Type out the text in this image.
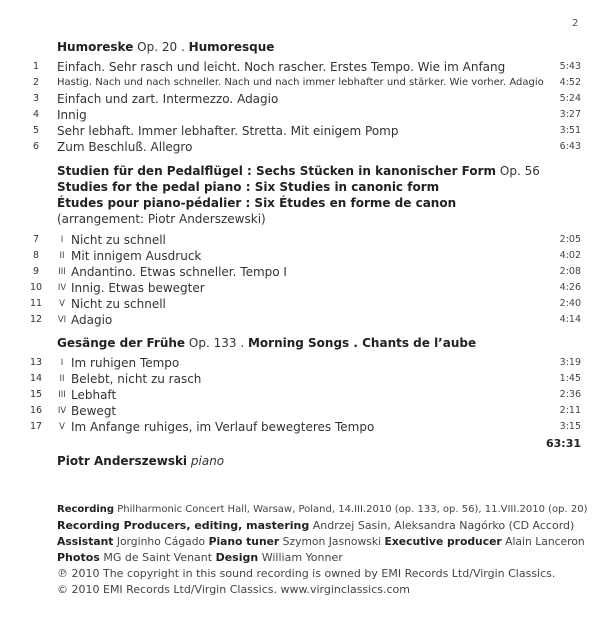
2
Humoreske Op. 20 . Humoresque
1 Einfach. Sehr rasch und leicht. Noch rascher. Erstes Tempo. Wie im Anfang	5:43
2 Hastig. Nach und nach schneller. Nach und nach immer lebhafter und stärker. Wie vorher. Adagio 4:52
3 Einfach und zart. Intermezzo. Adagio	5:24
4 Innig	3:27
5 Sehr lebhaft. Immer lebhafter. Stretta. Mit einigem Pomp	3:51
6 Zum Beschluß. Allegro	6:43
Studien für den Pedalflügel : Sechs Stücken in kanonischer Form Op. 56
Studies for the pedal piano : Six Studies in canonic form
Études pour piano-pédalier : Six Études en forme de canon
(arrangement: Piotr Anderszewski)
7	I Nicht zu schnell	2:05
8	II Mit innigem Ausdruck	4:02
9	III Andantino. Etwas schneller. Tempo I	2:08
10 IV Innig. Etwas bewegter	4:26
11	V Nicht zu schnell	2:40
12 VI Adagio	4:14
Gesänge der Frühe Op. 133 . Morning Songs . Chants de l’aube
13	I Im ruhigen Tempo	3:19
14	II Belebt, nicht zu rasch	1:45
15 III Lebhaft	2:36
16 IV Bewegt	2:11
17	V Im Anfange ruhiges, im Verlauf bewegteres Tempo	3:15
63:31
Piotr Anderszewski piano
Recording Philharmonic Concert Hall, Warsaw, Poland, 14.III.2010 (op. 133, op. 56), 11.VIII.2010 (op. 20)
Recording Producers, editing, mastering Andrzej Sasin, Aleksandra Nagórko (CD Accord)
Assistant Jorginho Cágado Piano tuner Szymon Jasnowski Executive producer Alain Lanceron
Photos MG de Saint Venant Design William Yonner
℗ 2010 The copyright in this sound recording is owned by EMI Records Ltd/Virgin Classics.
© 2010 EMI Records Ltd/Virgin Classics. www.virginclassics.com
